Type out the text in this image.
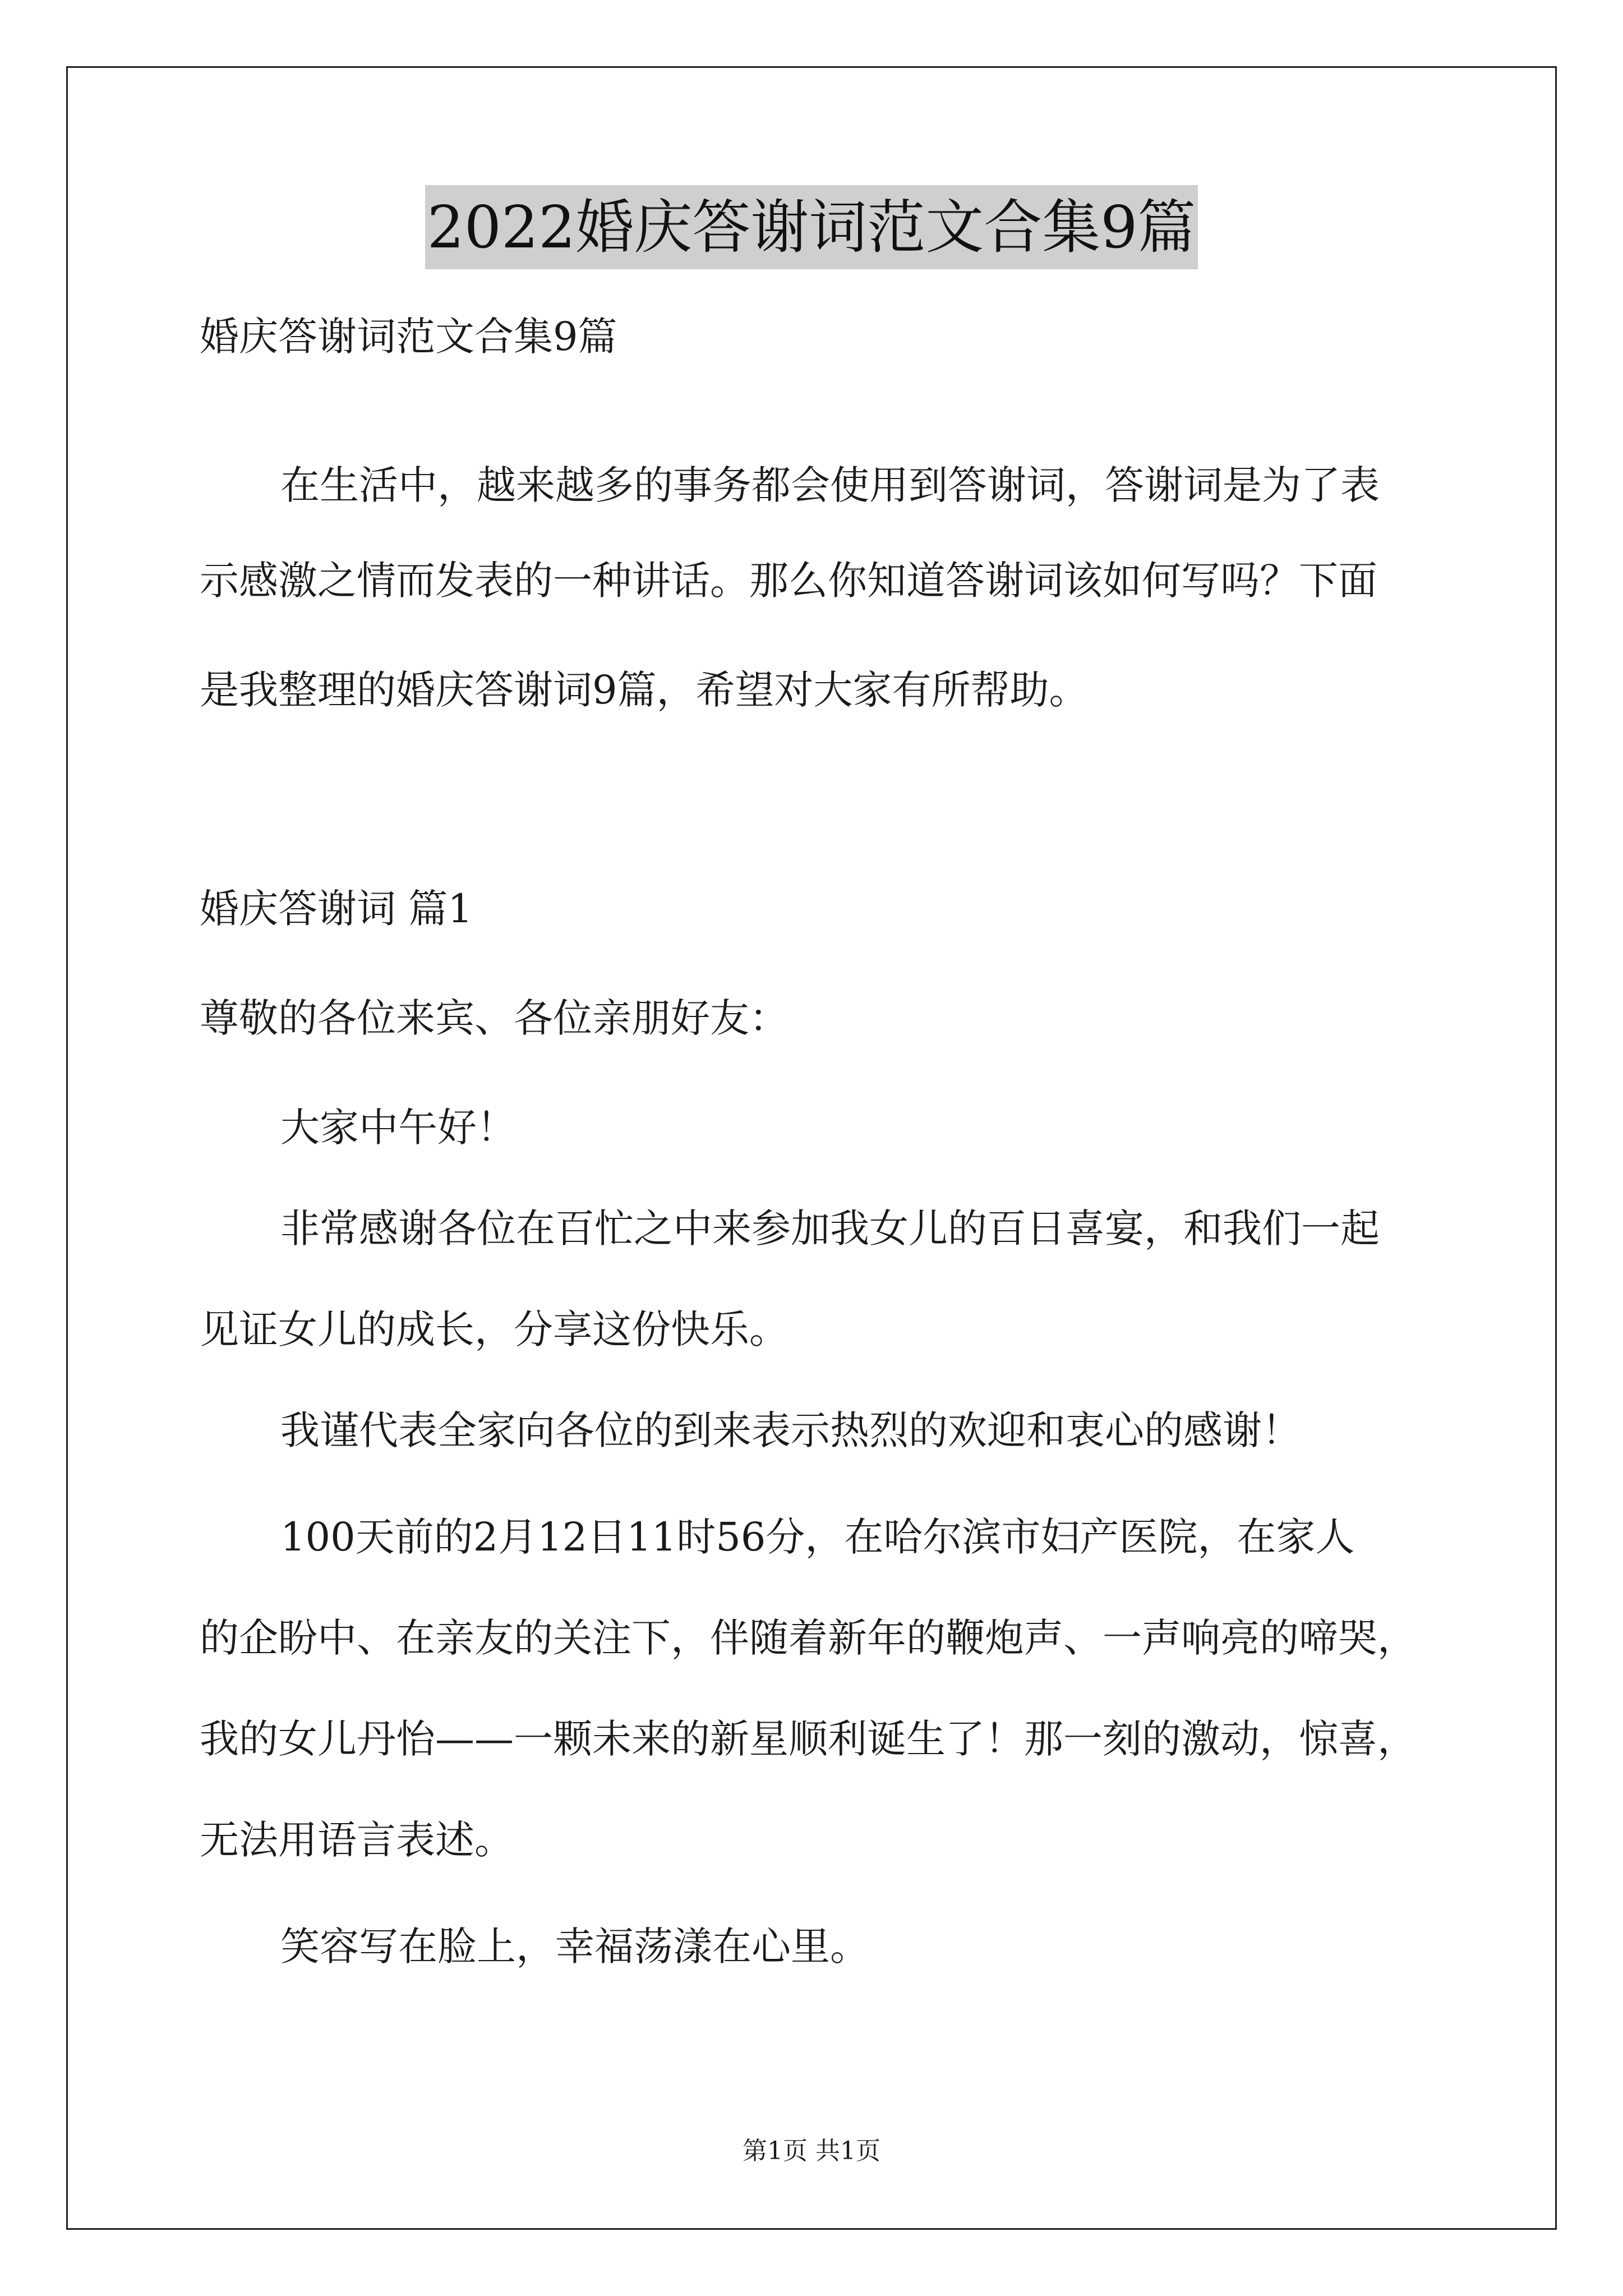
2022婚庆答谢词范文合集9篇
婚庆答谢词范文合集9篇
在生活中，越来越多的事务都会使用到答谢词，答谢词是为了表
示感激之情而发表的一种讲话。那么你知道答谢词该如何写吗？下面
是我整理的婚庆答谢词9篇，希望对大家有所帮助。
婚庆答谢词 篇1
尊敬的各位来宾、各位亲朋好友：
大家中午好！
非常感谢各位在百忙之中来参加我女儿的百日喜宴，和我们一起
见证女儿的成长，分享这份快乐。
我谨代表全家向各位的到来表示热烈的欢迎和衷心的感谢！
100天前的2月12日11时56分，在哈尔滨市妇产医院，在家人
的企盼中、在亲友的关注下，伴随着新年的鞭炮声、一声响亮的啼哭，
我的女儿丹怡——一颗未来的新星顺利诞生了！那一刻的激动，惊喜，
无法用语言表述。
笑容写在脸上，幸福荡漾在心里。
第1页 共1页
